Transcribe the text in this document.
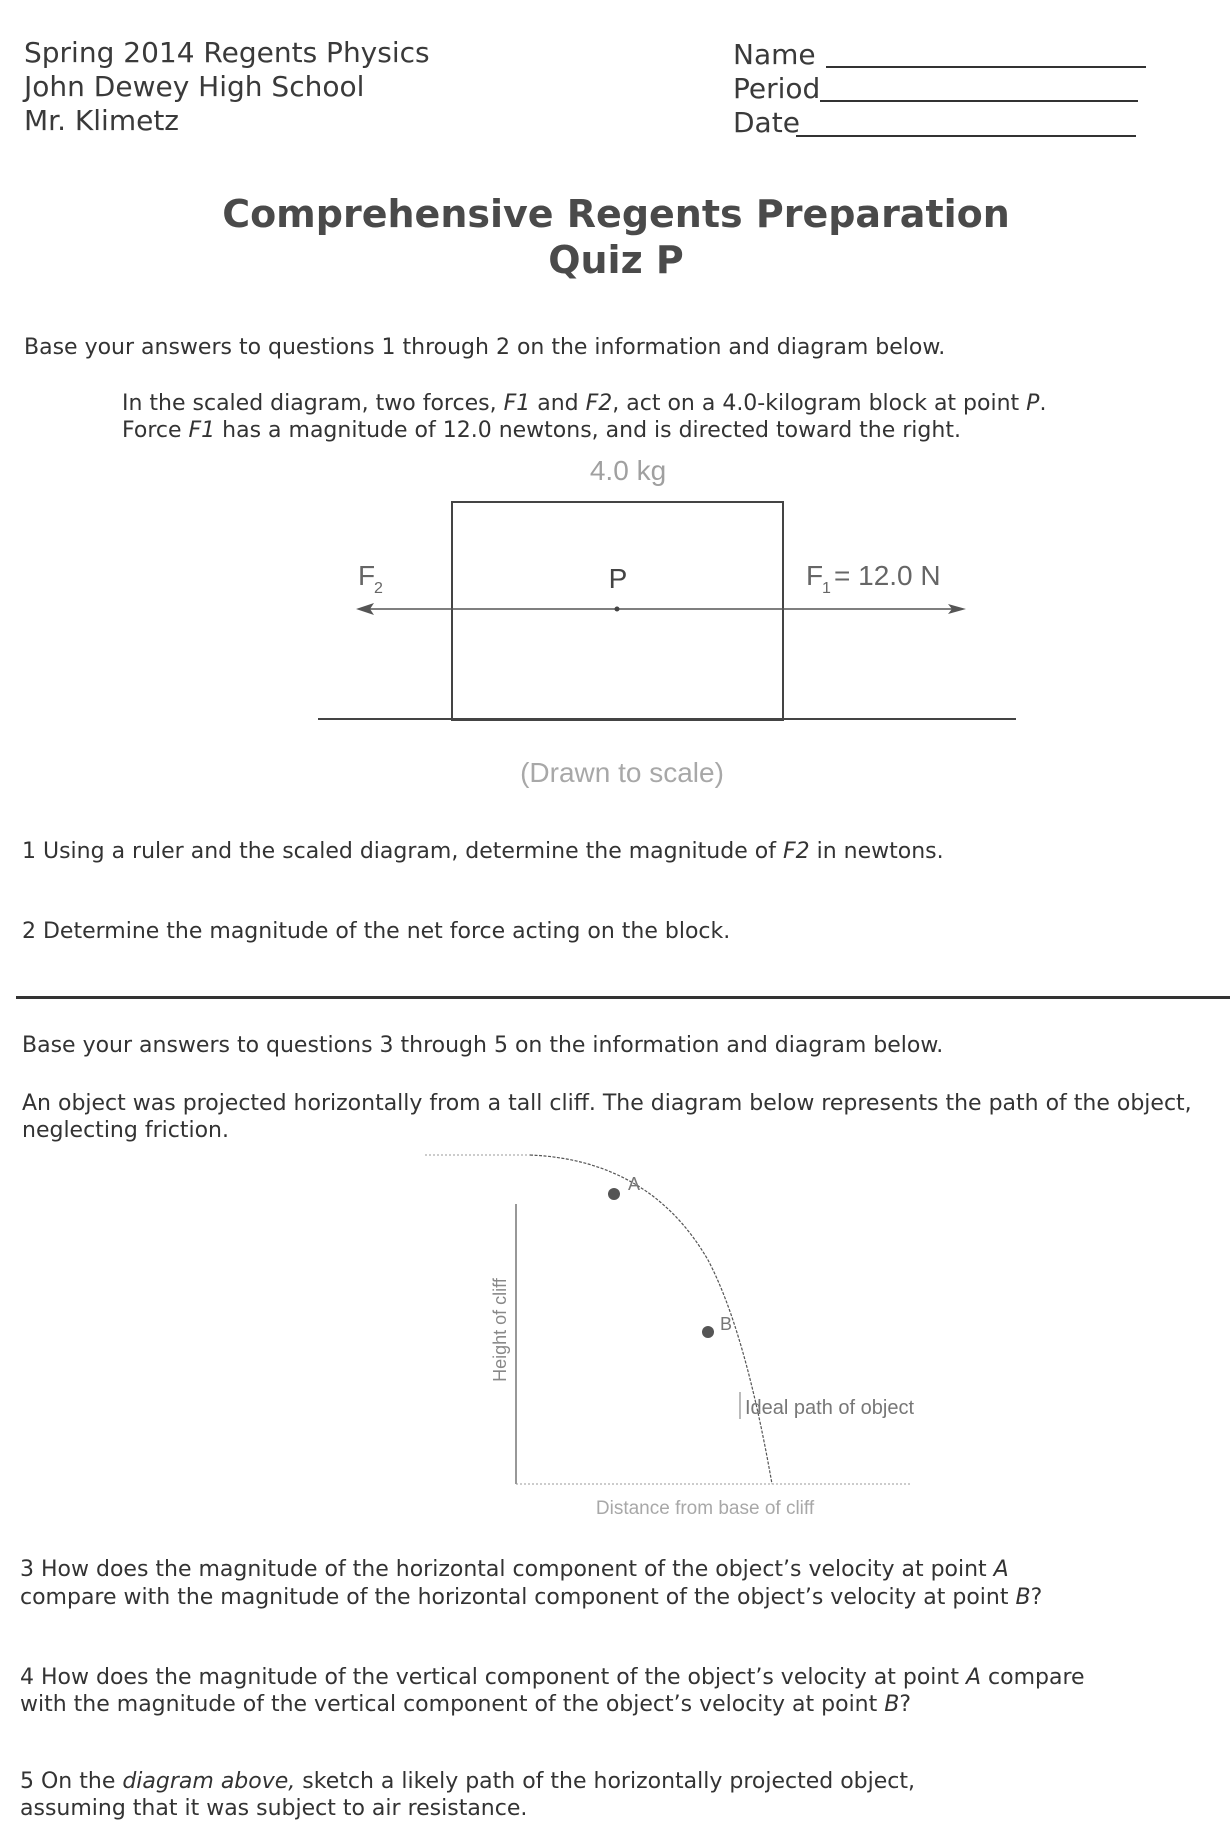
Spring 2014 Regents Physics
John Dewey High School
Mr. Klimetz
Name
Period
Date
Comprehensive Regents Preparation
Quiz P
Base your answers to questions 1 through 2 on the information and diagram below.
In the scaled diagram, two forces, F1 and F2, act on a 4.0-kilogram block at point P.
Force F1 has a magnitude of 12.0 newtons, and is directed toward the right.
4.0 kg
P
F
2	F
1 = 12.0 N
(Drawn to scale)
1 Using a ruler and the scaled diagram, determine the magnitude of F2 in newtons.
2 Determine the magnitude of the net force acting on the block.
Base your answers to questions 3 through 5 on the information and diagram below.
An object was projected horizontally from a tall cliff. The diagram below represents the path of the object,
neglecting friction.
A
B
Ideal path of object
Height of cliff
Distance from base of cliff
3 How does the magnitude of the horizontal component of the object’s velocity at point A
compare with the magnitude of the horizontal component of the object’s velocity at point B?
4 How does the magnitude of the vertical component of the object’s velocity at point A compare
with the magnitude of the vertical component of the object’s velocity at point B?
5 On the diagram above, sketch a likely path of the horizontally projected object,
assuming that it was subject to air resistance.
